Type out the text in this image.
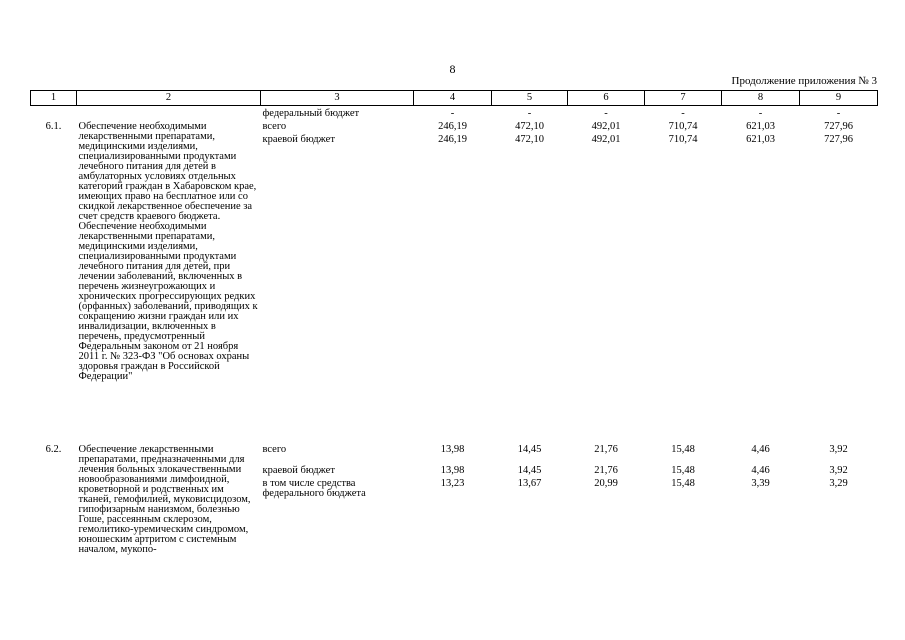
8
Продолжение приложения № 3
1	2	3	4	5	6	7	8	9
		федеральный бюджет	-	-	-	-	-	-
6.1.	Обеспечение необходимыми лекарственными препаратами, медицинскими изделиями, специализированными продуктами лечебного питания для детей в амбулаторных условиях отдельных категорий граждан в Хабаровском крае, имеющих право на бесплатное или со скидкой лекарственное обеспечение за счет средств краевого бюджета. Обеспечение необходимыми лекарственными препаратами, медицинскими изделиями, специализированными продуктами лечебного питания для детей, при лечении заболеваний, включенных в перечень жизнеугрожающих и хронических прогрессирующих редких (орфанных) заболеваний, приводящих к сокращению жизни граждан или их инвалидизации, включенных в перечень, предусмотренный Федеральным законом от 21 ноября 2011 г. № 323-ФЗ "Об основах охраны здоровья граждан в Российской Федерации"	всего	246,19	472,10	492,01	710,74	621,03	727,96
		краевой бюджет	246,19	472,10	492,01	710,74	621,03	727,96
6.2.	Обеспечение лекарственными препаратами, предназначенными для лечения больных злокачественными новообразованиями лимфоидной, кроветворной и родственных им тканей, гемофилией, муковисцидозом, гипофизарным нанизмом, болезнью Гоше, рассеянным склерозом, гемолитико-уремическим синдромом, юношеским артритом с системным началом, мукопо-	всего	13,98	14,45	21,76	15,48	4,46	3,92
		краевой бюджет	13,98	14,45	21,76	15,48	4,46	3,92
		в том числе средства федерального бюджета	13,23	13,67	20,99	15,48	3,39	3,29
